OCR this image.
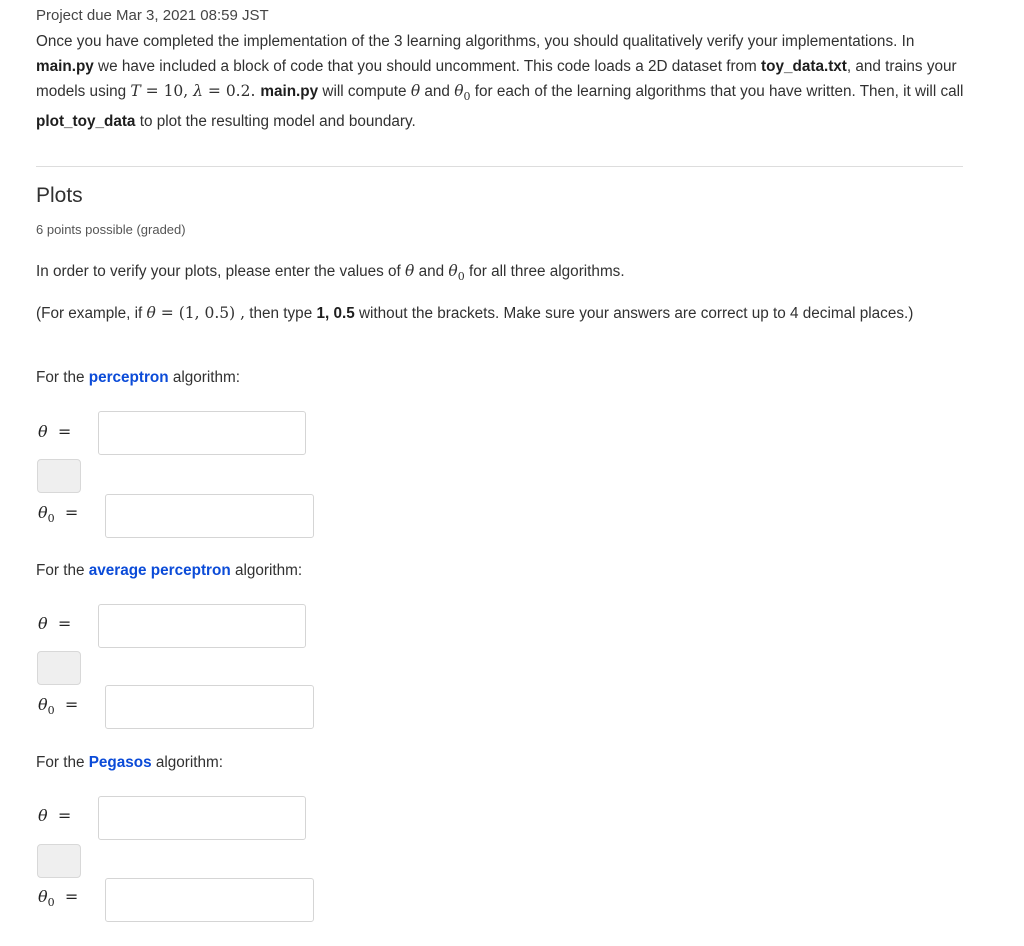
Project due Mar 3, 2021 08:59 JST
Once you have completed the implementation of the 3 learning algorithms, you should qualitatively verify your implementations. In main.py we have included a block of code that you should uncomment. This code loads a 2D dataset from toy_data.txt, and trains your models using T = 10, λ = 0.2. main.py will compute θ and $\theta_0$ for each of the learning algorithms that you have written. Then, it will call plot_toy_data to plot the resulting model and boundary.
Plots
6 points possible (graded)
In order to verify your plots, please enter the values of θ and $\theta_0$ for all three algorithms.
(For example, if θ = (1, 0.5) , then type 1, 0.5 without the brackets. Make sure your answers are correct up to 4 decimal places.)
For the perceptron algorithm:
θ =
$\theta_0$ =
For the average perceptron algorithm:
θ =
$\theta_0$ =
For the Pegasos algorithm:
θ =
$\theta_0$ =
